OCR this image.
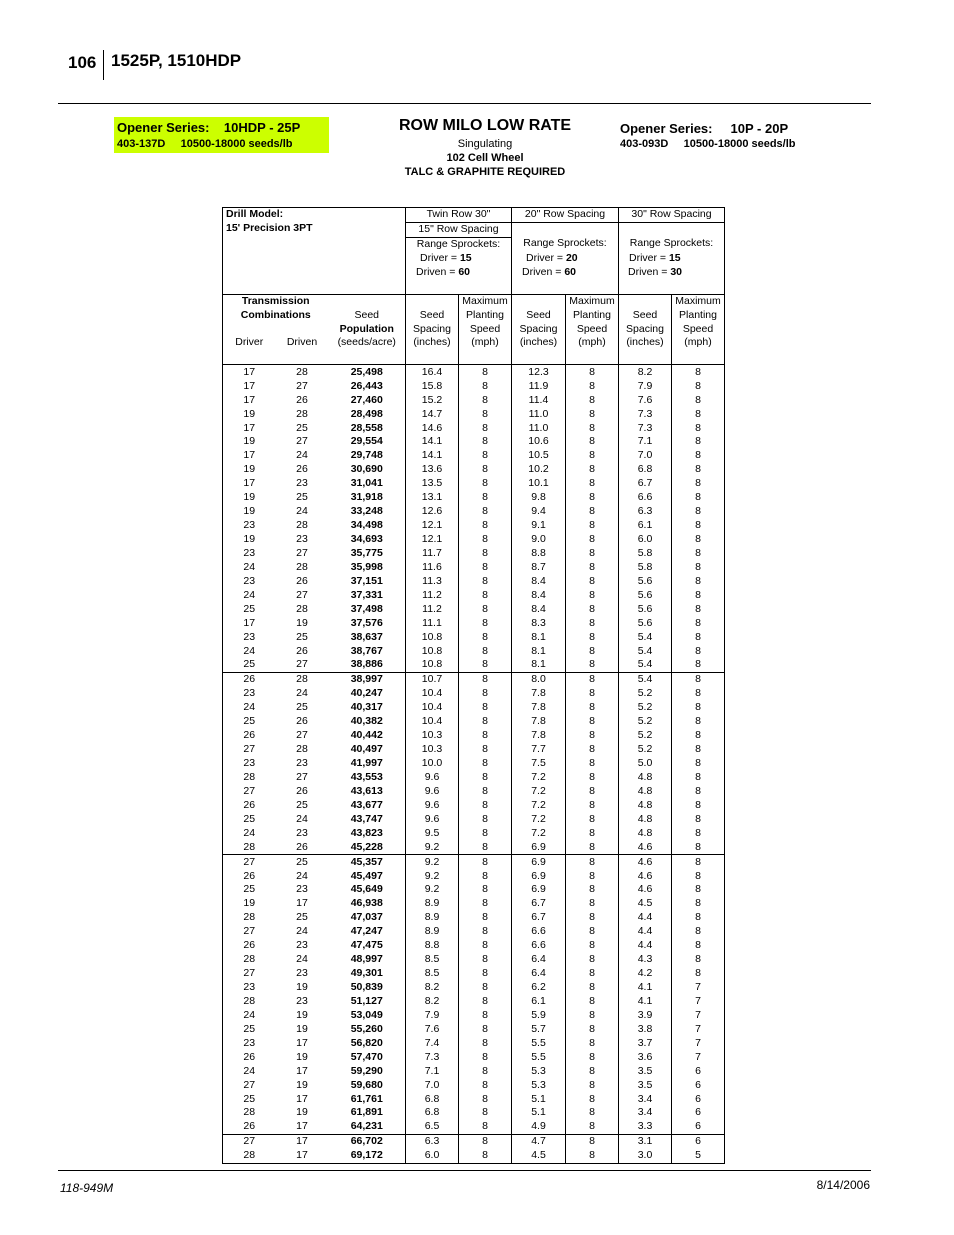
106 1525P, 1510HDP
Opener Series:    10HDP - 25P
403-137D     10500-18000 seeds/lb
ROW MILO LOW RATE
Singulating
102 Cell Wheel
TALC & GRAPHITE REQUIRED
Opener Series:     10P - 20P
403-093D     10500-18000 seeds/lb
Drill Model:			Twin Row 30"		20" Row Spacing		30" Row Spacing	
15' Precision 3PT			15" Row Spacing					
			Range Sprockets:		Range Sprockets:		Range Sprockets:	
			Driver = 15		Driver = 20		Driver = 15	
			Driven = 60		Driven = 60		Driven = 30	

Transmission				Maximum		Maximum		Maximum
Combinations		Seed	Seed	Planting	Seed	Planting	Seed	Planting
		Population	Spacing	Speed	Spacing	Speed	Spacing	Speed
Driver	Driven	(seeds/acre)	(inches)	(mph)	(inches)	(mph)	(inches)	(mph)

17	28	25,498	16.4	8	12.3	8	8.2	8
17	27	26,443	15.8	8	11.9	8	7.9	8
17	26	27,460	15.2	8	11.4	8	7.6	8
19	28	28,498	14.7	8	11.0	8	7.3	8
17	25	28,558	14.6	8	11.0	8	7.3	8
19	27	29,554	14.1	8	10.6	8	7.1	8
17	24	29,748	14.1	8	10.5	8	7.0	8
19	26	30,690	13.6	8	10.2	8	6.8	8
17	23	31,041	13.5	8	10.1	8	6.7	8
19	25	31,918	13.1	8	9.8	8	6.6	8
19	24	33,248	12.6	8	9.4	8	6.3	8
23	28	34,498	12.1	8	9.1	8	6.1	8
19	23	34,693	12.1	8	9.0	8	6.0	8
23	27	35,775	11.7	8	8.8	8	5.8	8
24	28	35,998	11.6	8	8.7	8	5.8	8
23	26	37,151	11.3	8	8.4	8	5.6	8
24	27	37,331	11.2	8	8.4	8	5.6	8
25	28	37,498	11.2	8	8.4	8	5.6	8
17	19	37,576	11.1	8	8.3	8	5.6	8
23	25	38,637	10.8	8	8.1	8	5.4	8
24	26	38,767	10.8	8	8.1	8	5.4	8
25	27	38,886	10.8	8	8.1	8	5.4	8
26	28	38,997	10.7	8	8.0	8	5.4	8
23	24	40,247	10.4	8	7.8	8	5.2	8
24	25	40,317	10.4	8	7.8	8	5.2	8
25	26	40,382	10.4	8	7.8	8	5.2	8
26	27	40,442	10.3	8	7.8	8	5.2	8
27	28	40,497	10.3	8	7.7	8	5.2	8
23	23	41,997	10.0	8	7.5	8	5.0	8
28	27	43,553	9.6	8	7.2	8	4.8	8
27	26	43,613	9.6	8	7.2	8	4.8	8
26	25	43,677	9.6	8	7.2	8	4.8	8
25	24	43,747	9.6	8	7.2	8	4.8	8
24	23	43,823	9.5	8	7.2	8	4.8	8
28	26	45,228	9.2	8	6.9	8	4.6	8
27	25	45,357	9.2	8	6.9	8	4.6	8
26	24	45,497	9.2	8	6.9	8	4.6	8
25	23	45,649	9.2	8	6.9	8	4.6	8
19	17	46,938	8.9	8	6.7	8	4.5	8
28	25	47,037	8.9	8	6.7	8	4.4	8
27	24	47,247	8.9	8	6.6	8	4.4	8
26	23	47,475	8.8	8	6.6	8	4.4	8
28	24	48,997	8.5	8	6.4	8	4.3	8
27	23	49,301	8.5	8	6.4	8	4.2	8
23	19	50,839	8.2	8	6.2	8	4.1	7
28	23	51,127	8.2	8	6.1	8	4.1	7
24	19	53,049	7.9	8	5.9	8	3.9	7
25	19	55,260	7.6	8	5.7	8	3.8	7
23	17	56,820	7.4	8	5.5	8	3.7	7
26	19	57,470	7.3	8	5.5	8	3.6	7
24	17	59,290	7.1	8	5.3	8	3.5	6
27	19	59,680	7.0	8	5.3	8	3.5	6
25	17	61,761	6.8	8	5.1	8	3.4	6
28	19	61,891	6.8	8	5.1	8	3.4	6
26	17	64,231	6.5	8	4.9	8	3.3	6
27	17	66,702	6.3	8	4.7	8	3.1	6
28	17	69,172	6.0	8	4.5	8	3.0	5
118-949M	8/14/2006
